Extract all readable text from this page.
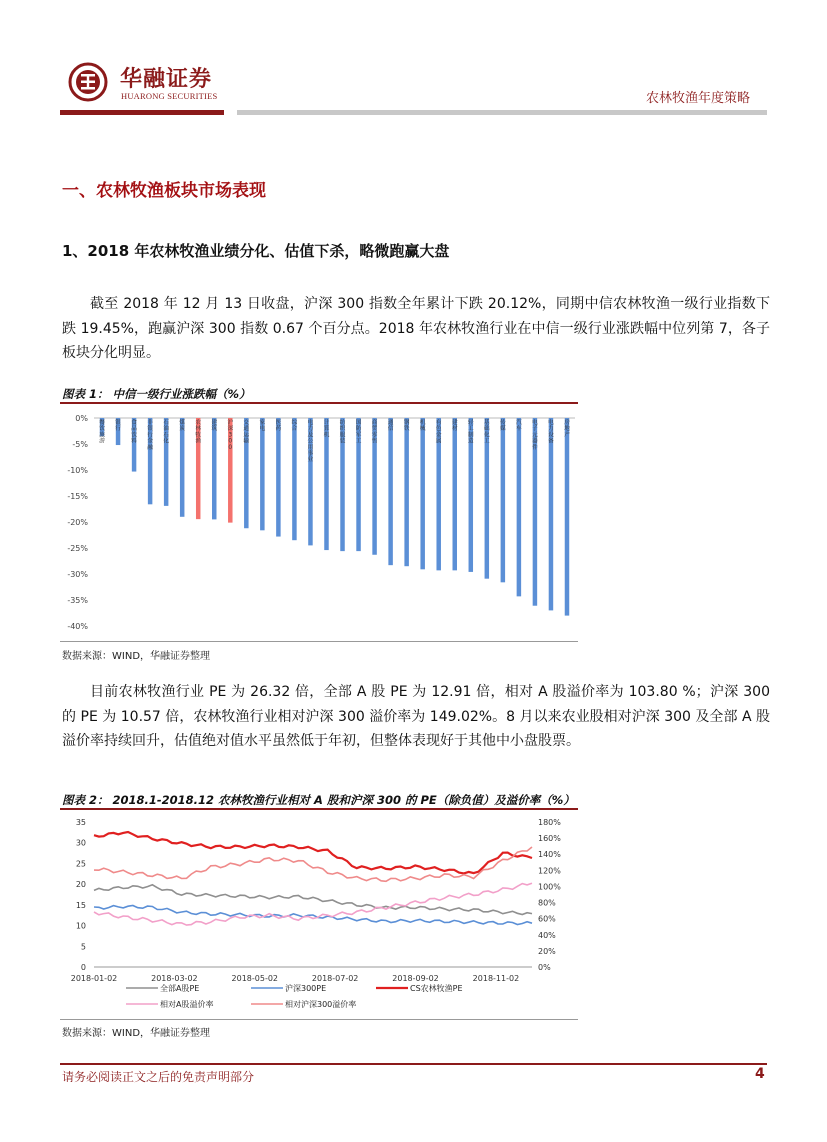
华融证券
HUARONG SECURITIES	农林牧渔年度策略
一、农林牧渔板块市场表现
1、2018 年农林牧渔业绩分化、估值下杀，略微跑赢大盘

截至 2018 年 12 月 13 日收盘，沪深 300 指数全年累计下跌 20.12%，同期中信农林牧渔一级行业指数下跌 19.45%，跑赢沪深 300 指数 0.67 个百分点。2018 年农林牧渔行业在中信一级行业涨跌幅中位列第 7，各子板块分化明显。

图表 1： 中信一级行业涨跌幅（%）
0%
-5%
-10%
-15%
-20%
-25%
-30%
-35%
-40%
餐饮旅游
银行
食品饮料
非银行金融
石油石化
煤炭
农林牧渔
建筑
沪深 3 0 0
交通运输
家电
医药
综合
电力及公用事业
计算机
纺织服装
国防军工
商贸零售
通信
钢铁
机械
有色金属
建材
轻工制造
基础化工
传媒
汽车
电子元器件
电力设备
房地产
数据来源：WIND，华融证券整理

目前农林牧渔行业 PE 为 26.32 倍，全部 A 股 PE 为 12.91 倍，相对 A 股溢价率为 103.80 %；沪深 300 的 PE 为 10.57 倍，农林牧渔行业相对沪深 300 溢价率为 149.02%。8 月以来农业股相对沪深 300 及全部 A 股溢价率持续回升，估值绝对值水平虽然低于年初，但整体表现好于其他中小盘股票。

图表 2： 2018.1-2018.12 农林牧渔行业相对 A 股和沪深 300 的 PE（除负值）及溢价率（%）
0
5
10
15
20
25
30
35
0%
20%
40%
60%
80%
100%
120%
140%
160%
180%
2018-01-02	2018-03-02	2018-05-02	2018-07-02	2018-09-02	2018-11-02
全部A股PE	沪深300PE	CS农林牧渔PE
相对A股溢价率	相对沪深300溢价率
数据来源：WIND，华融证券整理
请务必阅读正文之后的免责声明部分	4
